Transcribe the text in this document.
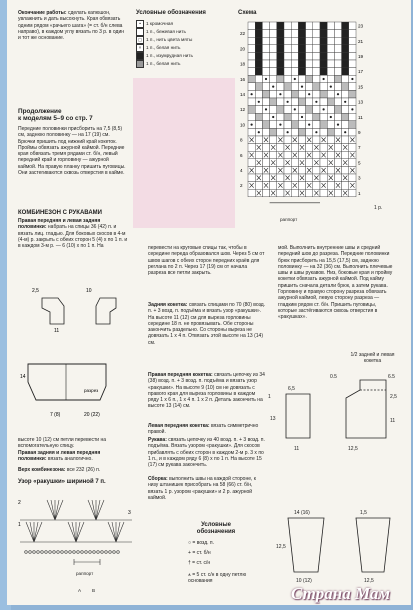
Окончание работы: сделать капюшон, увлажнить и дать высохнуть. Края обвязать одним рядом «рачьего шага» (= ст. б/н слева направо), в каждом углу вязать по 3 р. в один и тот же основание.
Продолжение
к моделям 5–9 со стр. 7
Передние половинки присборить на 7,5 (8,5) см, заднюю половинку — на 17 (19) см. Брючки пришить под нижний край кокеток. Проймы обвязать ажурной каймой. Передние края обвязать тремя рядами ст. б/н, левый передний край и горловину — ажурной каймой. На правую планку пришить пуговицы. Они застегиваются сквозь отверстия в кайме.
КОМБИНЕЗОН С РУКАВАМИ
Правая передняя и левая задняя половинки: набрать на спицы 36 (42) п. и вязать лиц. гладью. Для боковых скосов в 4-м (4-м) р. закрыть с обеих сторон 5 (4) х по 1 п. и в каждом 3-м р. — 6 (10) х по 1 п. На
2,5
11
10
14
7 (8)	20 (22)
разрез
высоте 10 (12) см петли перевести на вспомогательную спицу.
Правая задняя и левая передняя половинки: вязать аналогично.
Верх комбинезона: все 232 (26) п.
Узор «ракушки» шириной 7 п.
2
1
3
раппорт
A B
Условные обозначения
•	1 кромочная
1 п., бежевая нить
▢ 1 п., нить цвета мяты
× 1 п., белая нить
1 п., изумрудная нить
1 п., белая нить
Схема
23
22
21
20
19
18
17
16
15
14
13
12
11
10
9
8
7
6
5
4
3
2
1
раппорт
1 р.
перевести на круговые спицы так, чтобы в середине переда образовался шов. Через 5 см от швов шагов с обеих сторон передних краёв для реглана по 2 п. Через 17 (19) см от начала разреза все петли закрыть.
Задняя кокетка: связать спицами по 70 (80) возд. п. + 3 возд. п. подъёма и вязать узор «ракушки». На высоте 11 (12) см для выреза горловины середине 18 п. не провязывать. Обе стороны закончить раздельно. Со стороны выреза не довязать 1 х 4 п. Отвязать этой высоте на 13 (14) см.
Правая передняя кокетка: связать цепочку из 34 (38) возд. п. + 3 возд. п. подъёма и вязать узор «ракушки». На высоте 9 (10) см не довязать с правого края для выреза горловины в каждом ряду 1 х 6 п., 1 х 4 п. 1 х 2 п. Деталь закончить на высоте 13 (14) см.
Левая передняя кокетка: вязать симметрично правой.
Рукава: связать цепочку из 40 возд. п. + 3 возд. п. подъёма. Вязать узором «ракушки». Для скосов прибавлять с обеих сторон в каждом 2-м р. 3 х по 1 п., и в каждом ряду 6 (8) х по 1 п. На высоте 15 (17) см рукава закончить.
Сборка: выполнить швы на каждой стороне, к низу штанишек присобрать на 58 (66) ст. б/н, вязать 1 р. узором «ракушки» и 2 р. ажурной каймой.
Условные обозначения
○ = возд. п.
+ = ст. б/н
† = ст. с/н
⩚ = 5 ст. с/н в одну петлю основания
мой. Выполнить внутренние швы и средний передний шов до разреза. Передние половинки брюк присборить на 15,5 (17,5) см, заднюю половинку — на 32 (36) см. Выполнить плечевые швы и швы рукавов. Низ, боковые края и пройму кокетки обвязать ажурной каймой. Под кайму пришить сначала детали брюк, а затем рукава. Горловину и правую сторону разреза обвязать ажурной каймой, левую сторону разреза — гладким рядом ст. б/н. Пришить пуговицы, которые застёгиваются сквозь отверстия в «ракушках».
1/2 задней и левая кокетка
0.5	6.5
2,5
11
1
13
6,5
12,5
11
14 (16)	1,5
12,5
10 (12)	12,5
Страна Мам
